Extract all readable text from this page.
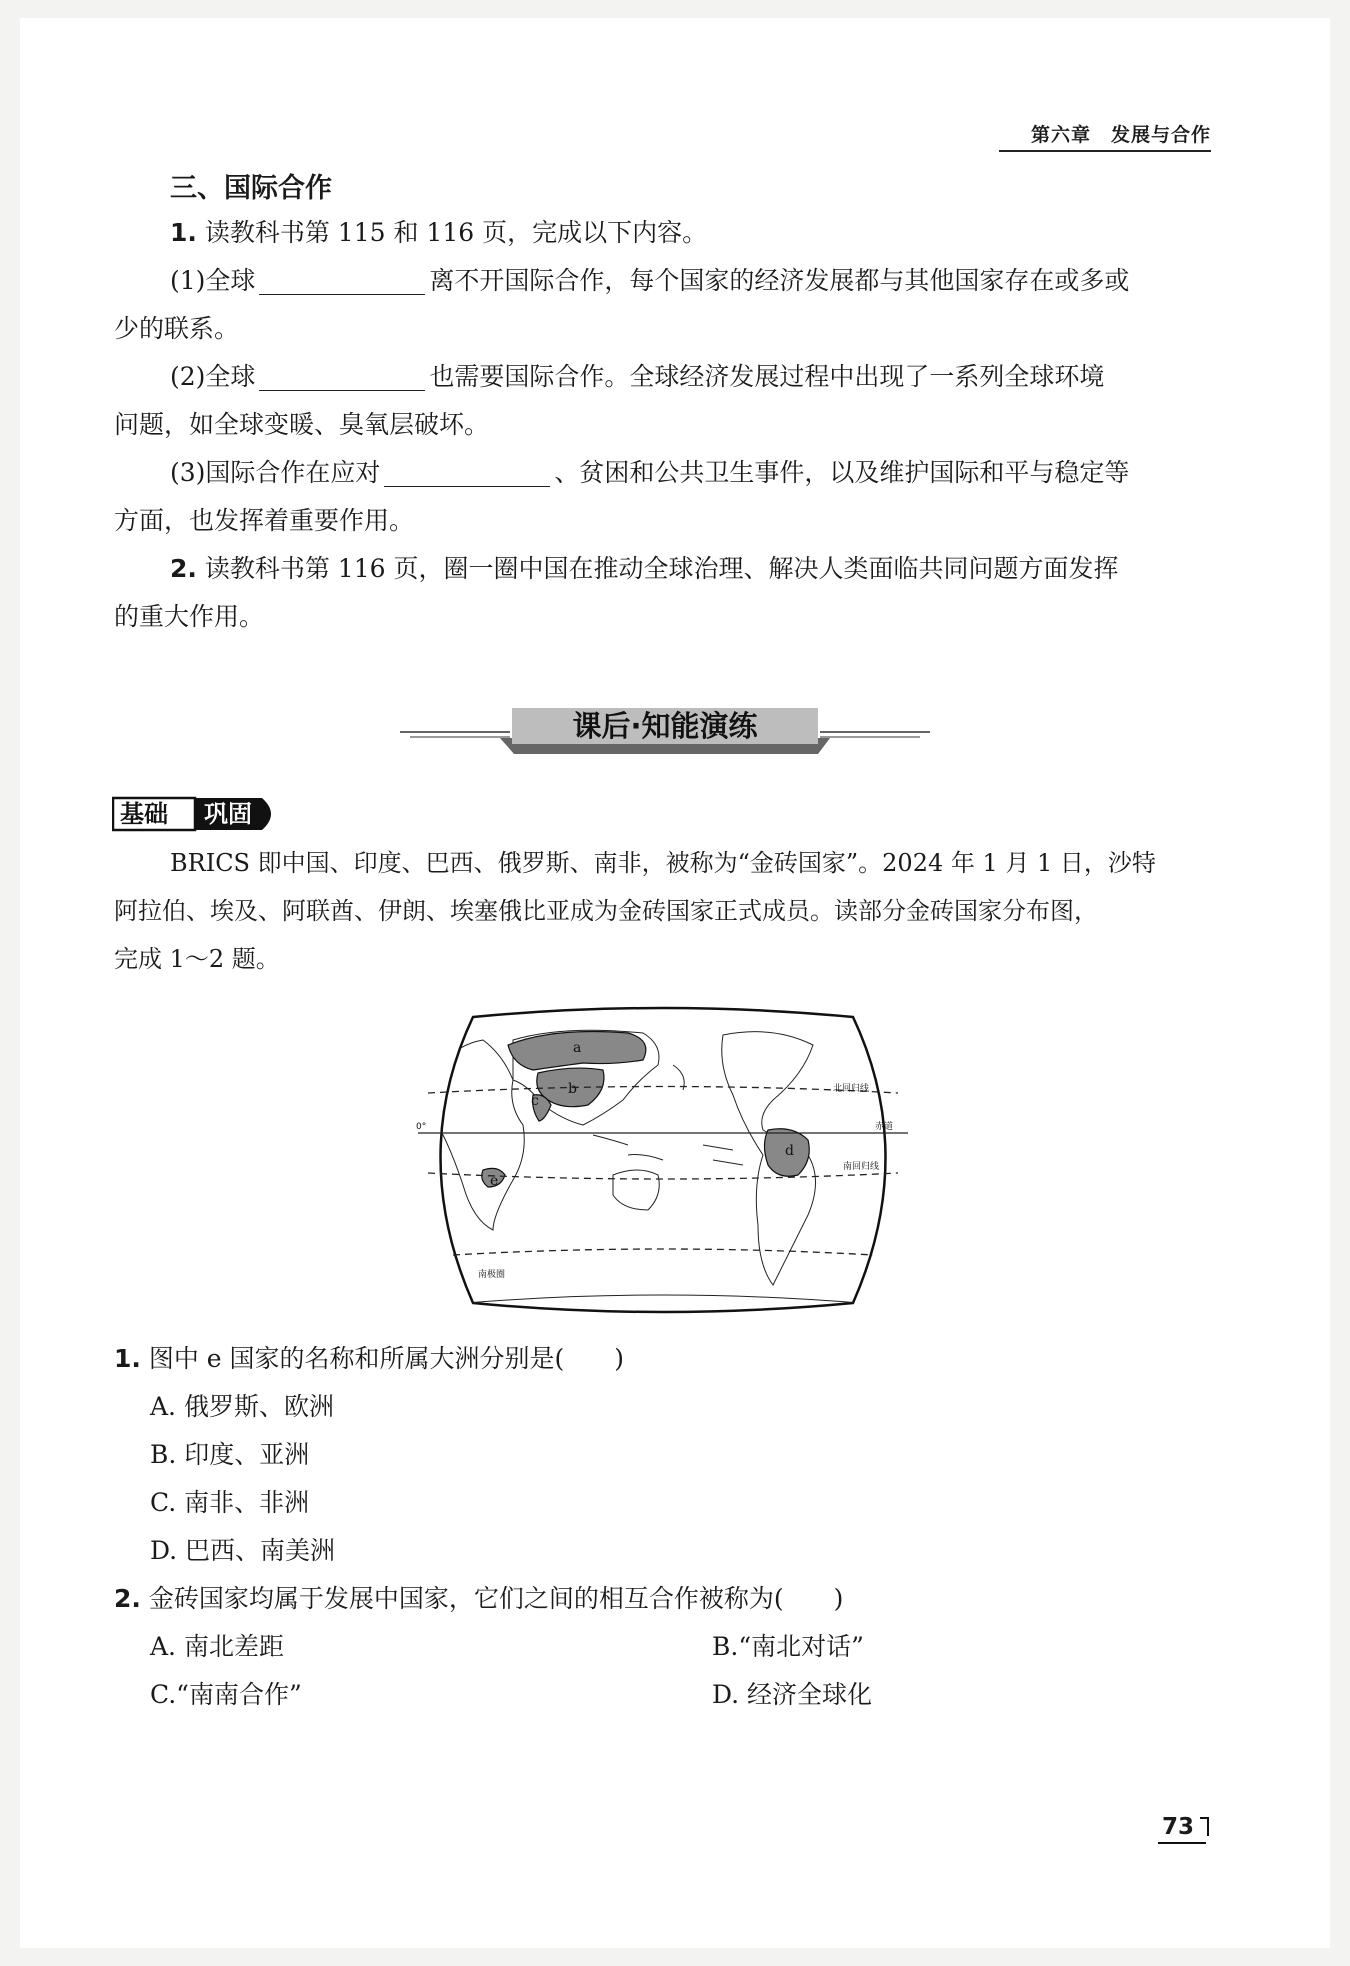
第六章　发展与合作
三、国际合作
1. 读教科书第 115 和 116 页，完成以下内容。
(1)全球	离不开国际合作，每个国家的经济发展都与其他国家存在或多或
少的联系。
(2)全球	也需要国际合作。全球经济发展过程中出现了一系列全球环境
问题，如全球变暖、臭氧层破坏。
(3)国际合作在应对	、贫困和公共卫生事件，以及维护国际和平与稳定等
方面，也发挥着重要作用。
2. 读教科书第 116 页，圈一圈中国在推动全球治理、解决人类面临共同问题方面发挥
的重大作用。
课后·知能演练
基础 巩固
BRICS 即中国、印度、巴西、俄罗斯、南非，被称为“金砖国家”。2024 年 1 月 1 日，沙特
阿拉伯、埃及、阿联酋、伊朗、埃塞俄比亚成为金砖国家正式成员。读部分金砖国家分布图，
完成 1～2 题。
a
b
c
d
e
北回归线
赤道
南回归线
南极圈
0°
1. 图中 e 国家的名称和所属大洲分别是(　　)
A. 俄罗斯、欧洲
B. 印度、亚洲
C. 南非、非洲
D. 巴西、南美洲
2. 金砖国家均属于发展中国家，它们之间的相互合作被称为(　　)
A. 南北差距	B.“南北对话”
C.“南南合作”	D. 经济全球化
73
